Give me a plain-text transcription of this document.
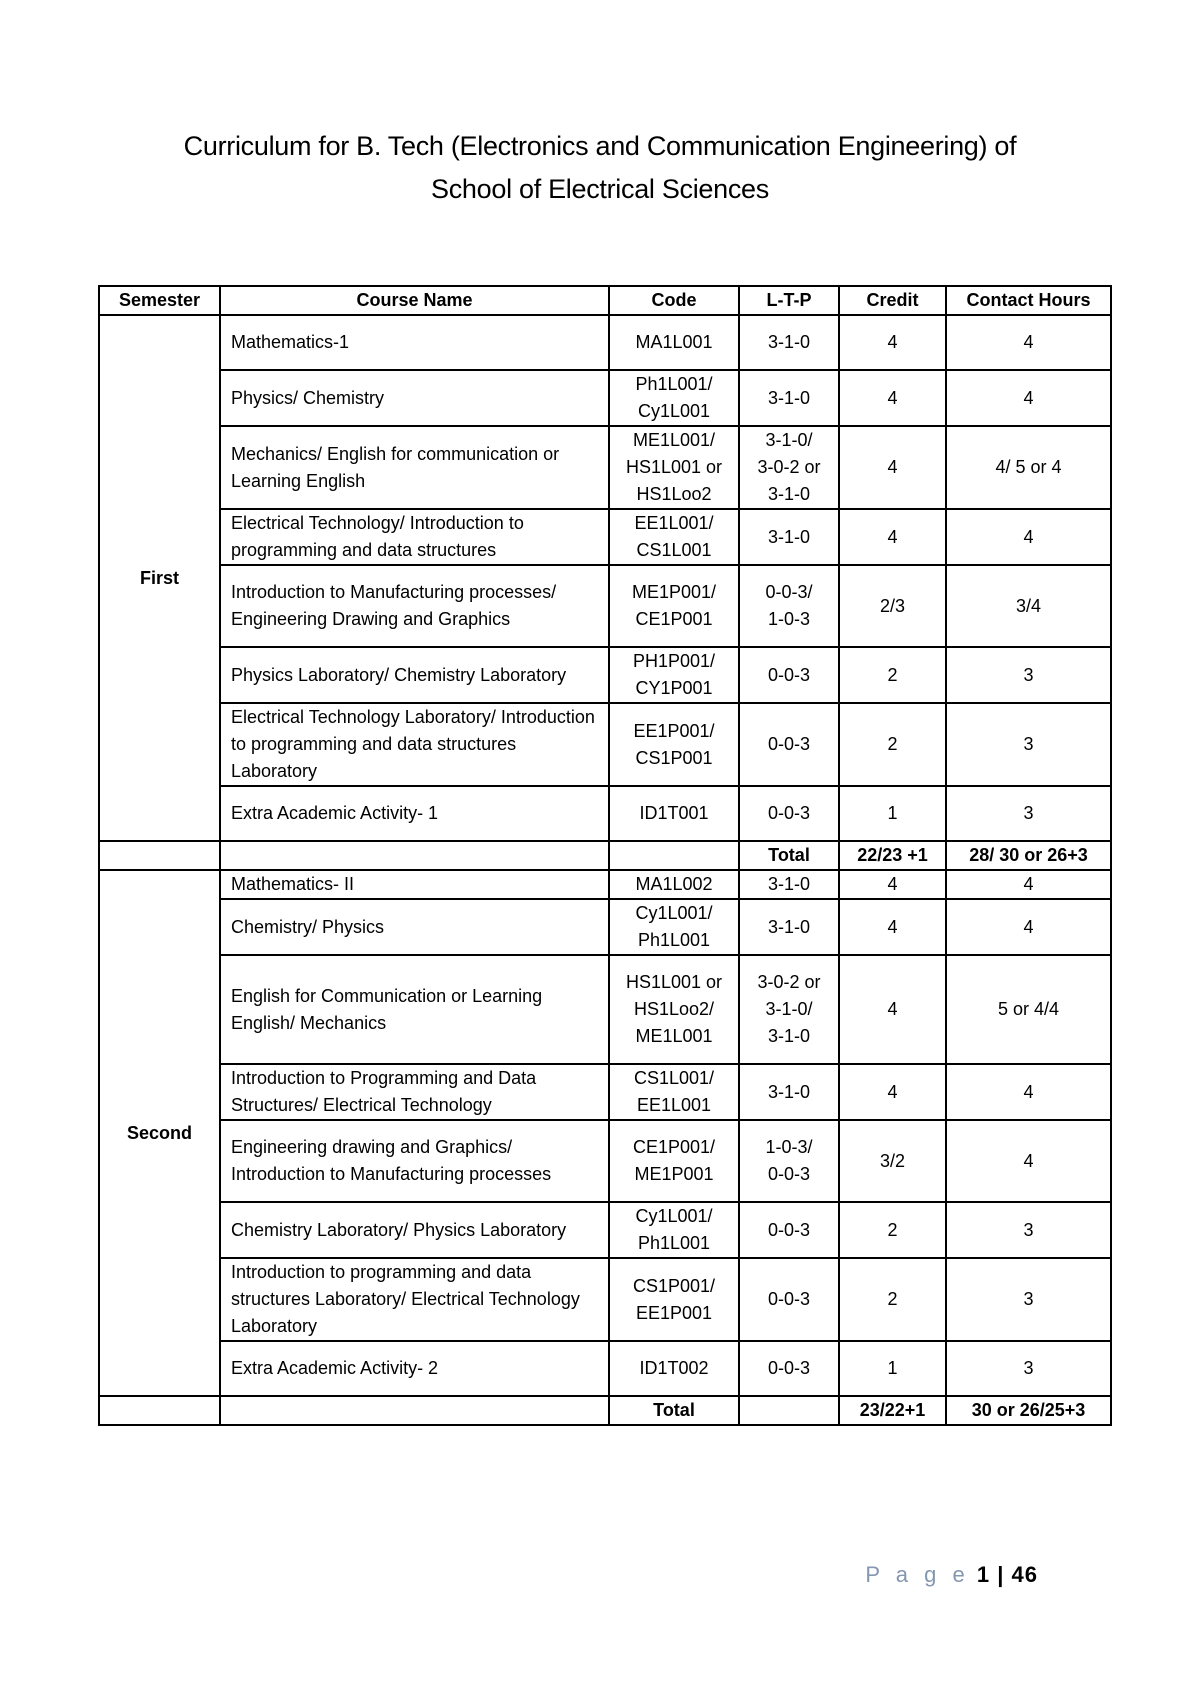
Curriculum for B. Tech (Electronics and Communication Engineering) of
School of Electrical Sciences
Semester	Course Name	Code	L-T-P	Credit	Contact Hours
First	Mathematics-1	MA1L001	3-1-0	4	4
	Physics/ Chemistry	Ph1L001/
Cy1L001	3-1-0	4	4
	Mechanics/ English for communication or Learning English	ME1L001/
HS1L001 or
HS1Loo2	3-1-0/
3-0-2 or
3-1-0	4	4/ 5 or 4
	Electrical Technology/ Introduction to programming and data structures	EE1L001/
CS1L001	3-1-0	4	4
	Introduction to Manufacturing processes/ Engineering Drawing and Graphics	ME1P001/
CE1P001	0-0-3/
1-0-3	2/3	3/4
	Physics Laboratory/ Chemistry Laboratory	PH1P001/
CY1P001	0-0-3	2	3
	Electrical Technology Laboratory/ Introduction to programming and data structures Laboratory	EE1P001/
CS1P001	0-0-3	2	3
	Extra Academic Activity- 1	ID1T001	0-0-3	1	3
			Total	22/23 +1	28/ 30 or 26+3
Second	Mathematics- II	MA1L002	3-1-0	4	4
	Chemistry/ Physics	Cy1L001/
Ph1L001	3-1-0	4	4
	English for Communication or Learning English/ Mechanics	HS1L001 or
HS1Loo2/
ME1L001	3-0-2 or
3-1-0/
3-1-0	4	5 or 4/4
	Introduction to Programming and Data Structures/ Electrical Technology	CS1L001/
EE1L001	3-1-0	4	4
	Engineering drawing and Graphics/ Introduction to Manufacturing processes	CE1P001/
ME1P001	1-0-3/
0-0-3	3/2	4
	Chemistry Laboratory/ Physics Laboratory	Cy1L001/
Ph1L001	0-0-3	2	3
	Introduction to programming and data structures Laboratory/ Electrical Technology Laboratory	CS1P001/
EE1P001	0-0-3	2	3
	Extra Academic Activity- 2	ID1T002	0-0-3	1	3
		Total		23/22+1	30 or 26/25+3
P a g e 1 | 46
